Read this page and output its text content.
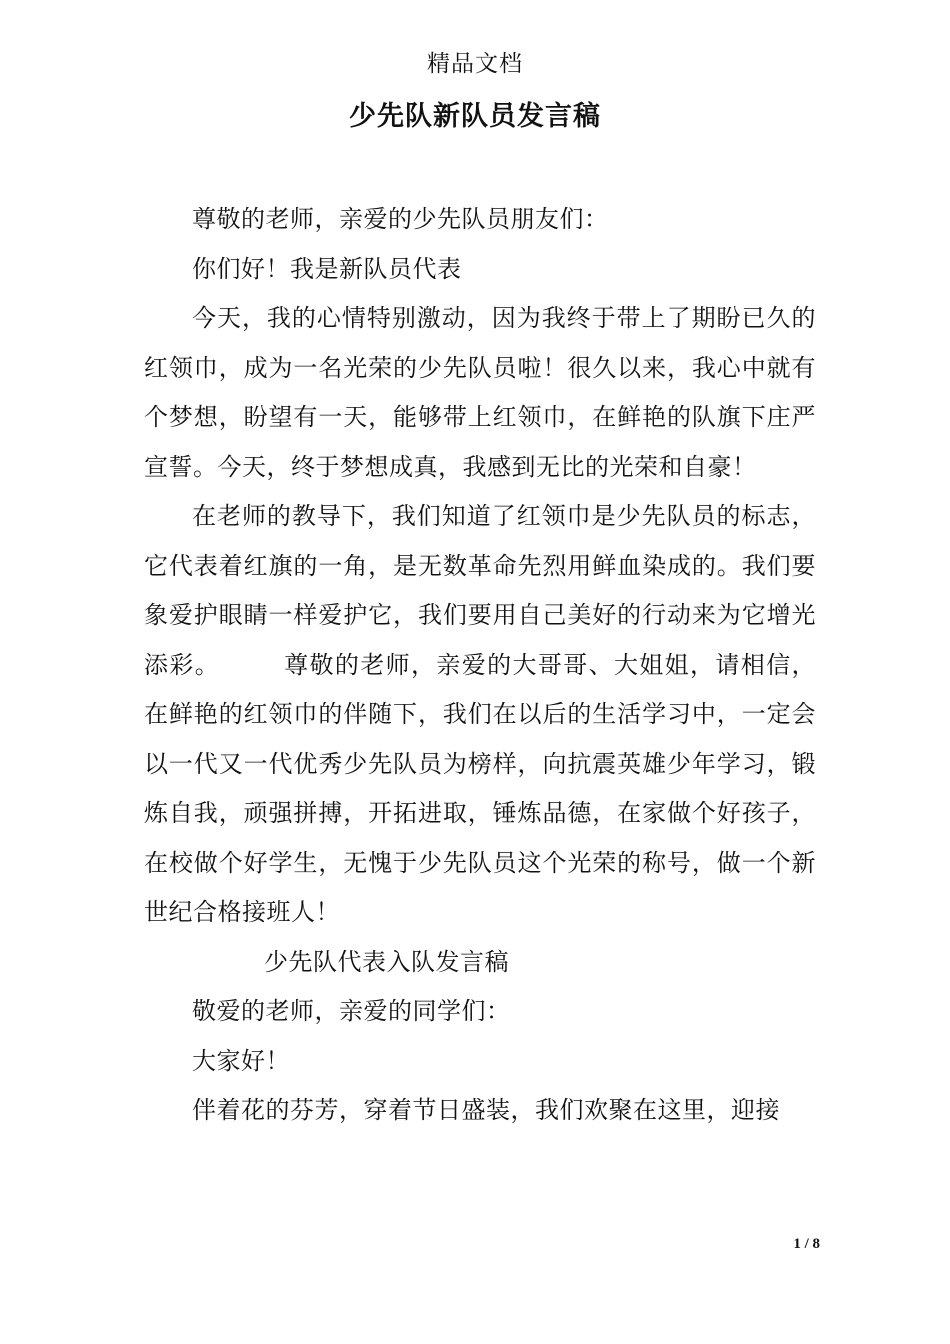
精品文档
少先队新队员发言稿

尊敬的老师，亲爱的少先队员朋友们：

你们好！我是新队员代表

今天，我的心情特别激动，因为我终于带上了期盼已久的红领巾，成为一名光荣的少先队员啦！很久以来，我心中就有个梦想，盼望有一天，能够带上红领巾，在鲜艳的队旗下庄严宣誓。今天，终于梦想成真，我感到无比的光荣和自豪！

在老师的教导下，我们知道了红领巾是少先队员的标志，它代表着红旗的一角，是无数革命先烈用鲜血染成的。我们要象爱护眼睛一样爱护它，我们要用自己美好的行动来为它增光添彩。　　　尊敬的老师，亲爱的大哥哥、大姐姐，请相信，在鲜艳的红领巾的伴随下，我们在以后的生活学习中，一定会以一代又一代优秀少先队员为榜样，向抗震英雄少年学习，锻炼自我，顽强拼搏，开拓进取，锤炼品德，在家做个好孩子，在校做个好学生，无愧于少先队员这个光荣的称号，做一个新世纪合格接班人！

少先队代表入队发言稿

敬爱的老师，亲爱的同学们：

大家好！

伴着花的芬芳，穿着节日盛装，我们欢聚在这里，迎接

1 / 8
